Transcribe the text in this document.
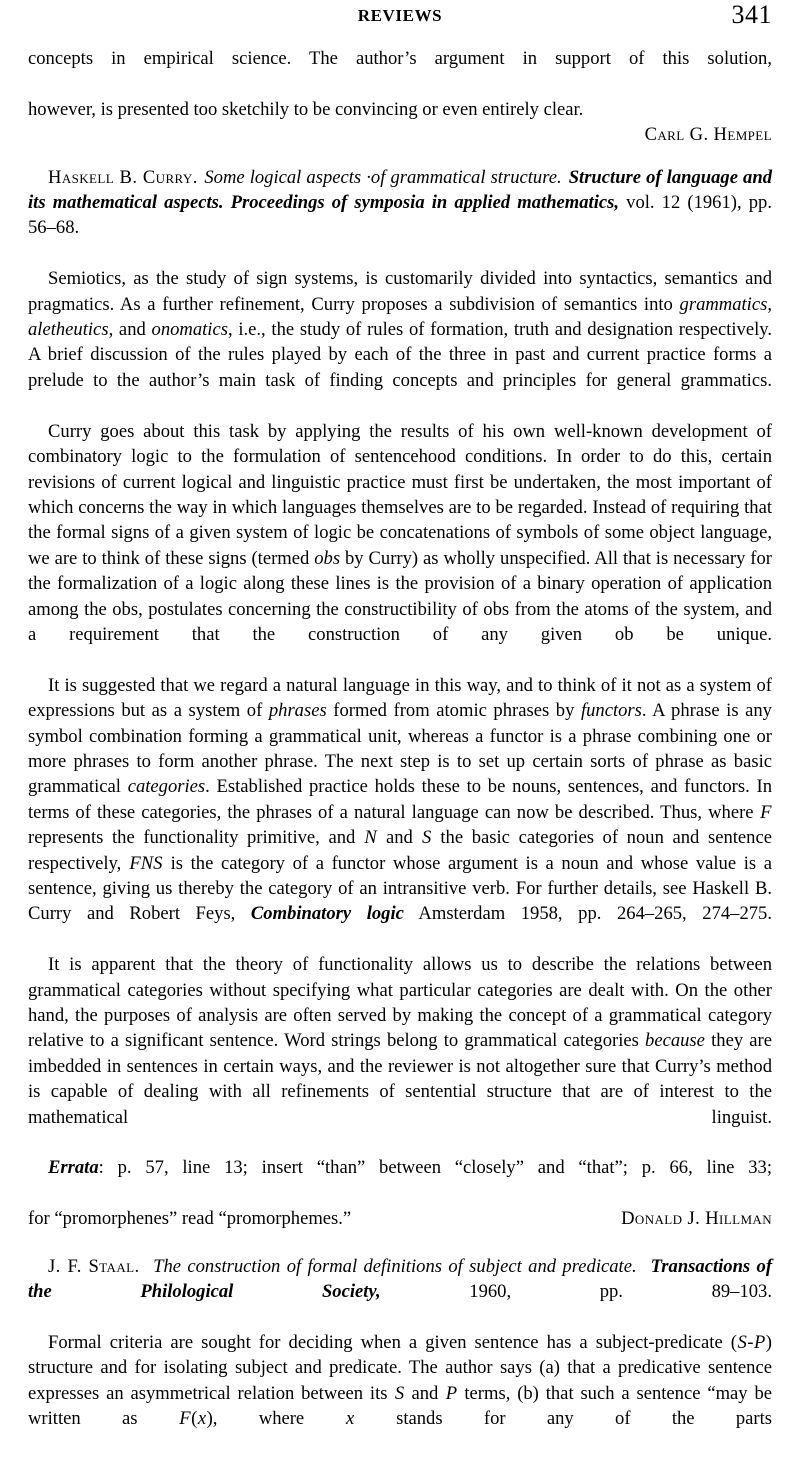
REVIEWS	341

concepts in empirical science. The author’s argument in support of this solution,

however, is presented too sketchily to be convincing or even entirely clear.

Carl G. Hempel

Haskell B. Curry. Some logical aspects ·of grammatical structure. Structure of language and its mathematical aspects. Proceedings of symposia in applied mathematics, vol. 12 (1961), pp. 56–68.

Semiotics, as the study of sign systems, is customarily divided into syntactics, semantics and pragmatics. As a further refinement, Curry proposes a subdivision of semantics into grammatics, aletheutics, and onomatics, i.e., the study of rules of formation, truth and designation respectively. A brief discussion of the rules played by each of the three in past and current practice forms a prelude to the author’s main task of finding concepts and principles for general grammatics.

Curry goes about this task by applying the results of his own well-known development of combinatory logic to the formulation of sentencehood conditions. In order to do this, certain revisions of current logical and linguistic practice must first be undertaken, the most important of which concerns the way in which languages themselves are to be regarded. Instead of requiring that the formal signs of a given system of logic be concatenations of symbols of some object language, we are to think of these signs (termed obs by Curry) as wholly unspecified. All that is necessary for the formalization of a logic along these lines is the provision of a binary operation of application among the obs, postulates concerning the constructibility of obs from the atoms of the system, and a requirement that the construction of any given ob be unique.

It is suggested that we regard a natural language in this way, and to think of it not as a system of expressions but as a system of phrases formed from atomic phrases by functors. A phrase is any symbol combination forming a grammatical unit, whereas a functor is a phrase combining one or more phrases to form another phrase. The next step is to set up certain sorts of phrase as basic grammatical categories. Established practice holds these to be nouns, sentences, and functors. In terms of these categories, the phrases of a natural language can now be described. Thus, where F represents the functionality primitive, and N and S the basic categories of noun and sentence respectively, FNS is the category of a functor whose argument is a noun and whose value is a sentence, giving us thereby the category of an intransitive verb. For further details, see Haskell B. Curry and Robert Feys, Combinatory logic Amsterdam 1958, pp. 264–265, 274–275.

It is apparent that the theory of functionality allows us to describe the relations between grammatical categories without specifying what particular categories are dealt with. On the other hand, the purposes of analysis are often served by making the concept of a grammatical category relative to a significant sentence. Word strings belong to grammatical categories because they are imbedded in sentences in certain ways, and the reviewer is not altogether sure that Curry’s method is capable of dealing with all refinements of sentential structure that are of interest to the mathematical linguist.

Errata: p. 57, line 13; insert “than” between “closely” and “that”; p. 66, line 33;

for “promorphenes” read “promorphemes.”	Donald J. Hillman

J. F. Staal. The construction of formal definitions of subject and predicate. Transactions of the Philological Society,	1960, pp. 89–103.

Formal criteria are sought for deciding when a given sentence has a subject-predicate (S-P) structure and for isolating subject and predicate. The author says (a) that a predicative sentence expresses an asymmetrical relation between its S and P terms, (b) that such a sentence “may be written as F(x), where x stands for any of the parts
